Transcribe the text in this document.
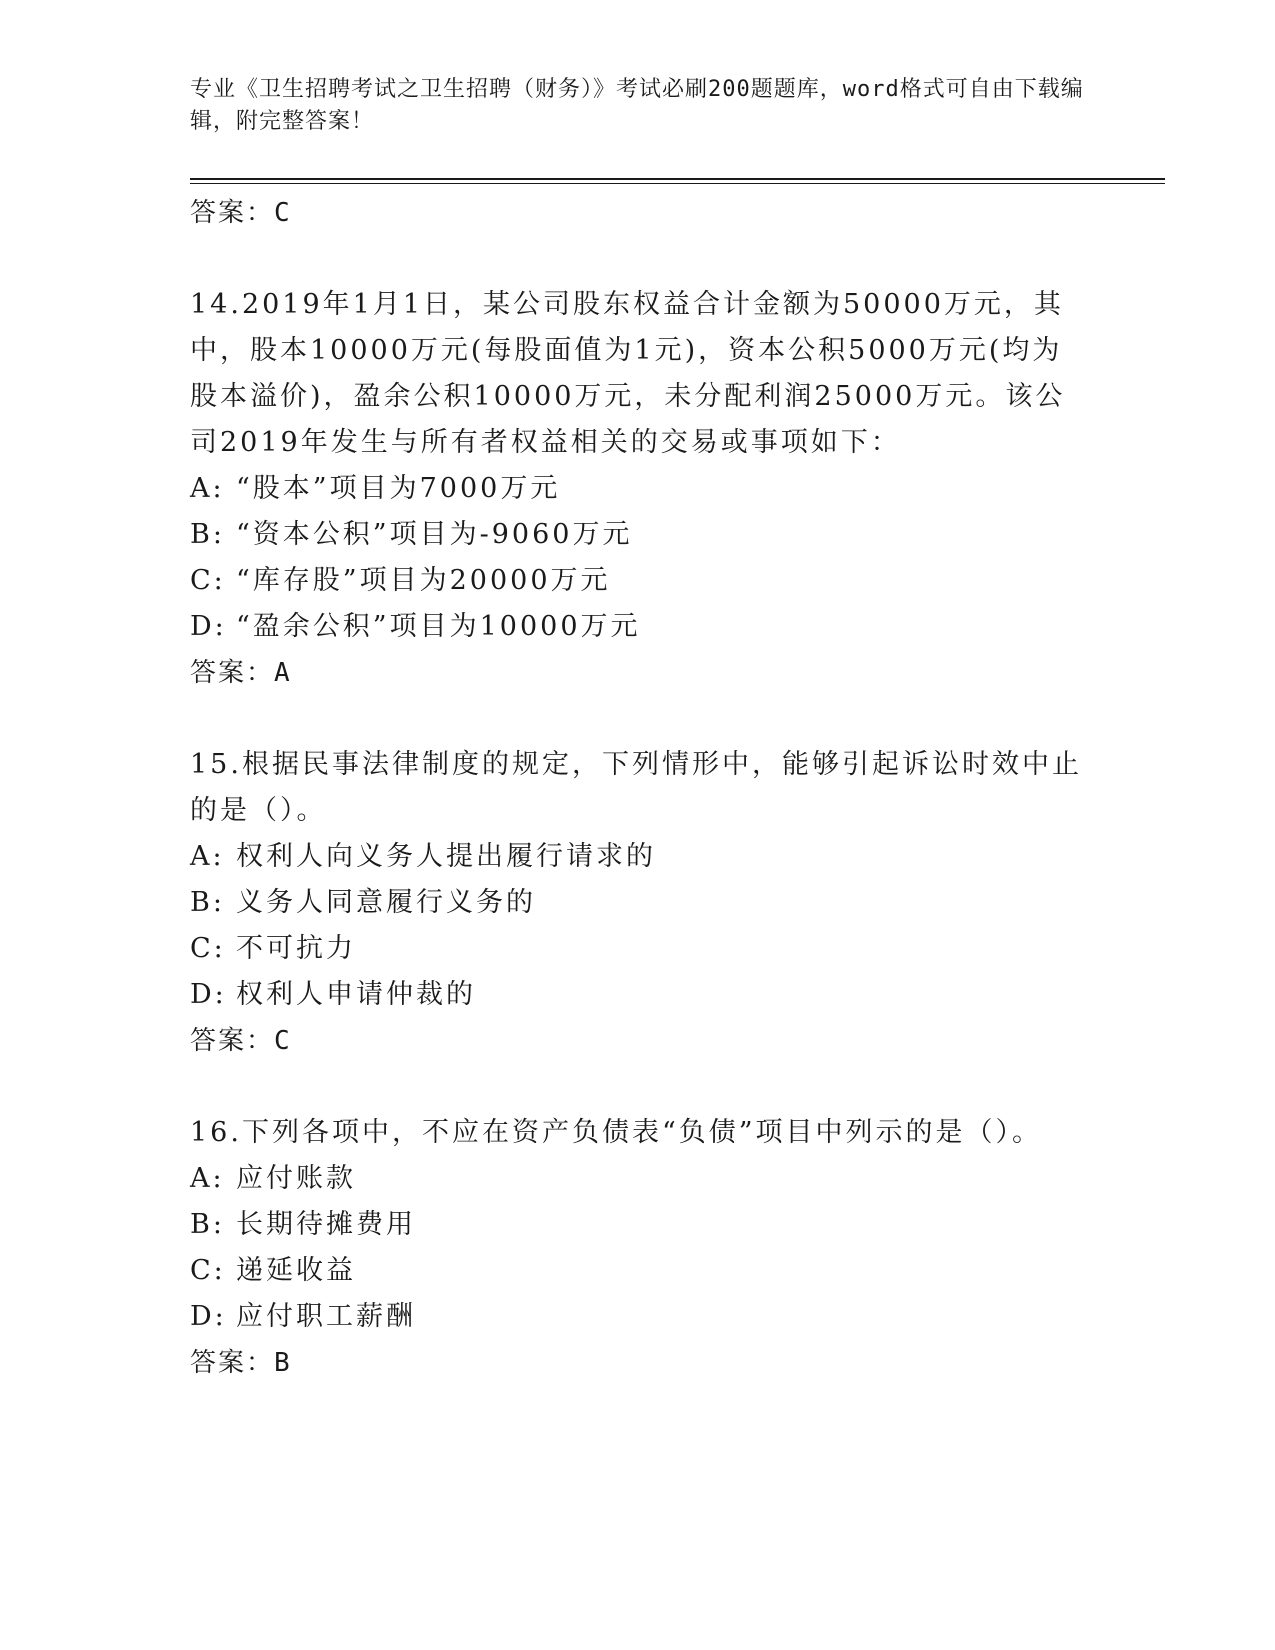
专业《卫生招聘考试之卫生招聘（财务）》考试必刷200题题库，word格式可自由下载编辑，附完整答案！
答案：C
14.2019年1月1日，某公司股东权益合计金额为50000万元，其中，股本10000万元(每股面值为1元)，资本公积5000万元(均为股本溢价)，盈余公积10000万元，未分配利润25000万元。该公司2019年发生与所有者权益相关的交易或事项如下：
A: “股本”项目为7000万元
B: “资本公积”项目为-9060万元
C: “库存股”项目为20000万元
D: “盈余公积”项目为10000万元
答案：A
15.根据民事法律制度的规定，下列情形中，能够引起诉讼时效中止的是（）。
A: 权利人向义务人提出履行请求的
B: 义务人同意履行义务的
C: 不可抗力
D: 权利人申请仲裁的
答案：C
16.下列各项中，不应在资产负债表“负债”项目中列示的是（）。
A: 应付账款
B: 长期待摊费用
C: 递延收益
D: 应付职工薪酬
答案：B
